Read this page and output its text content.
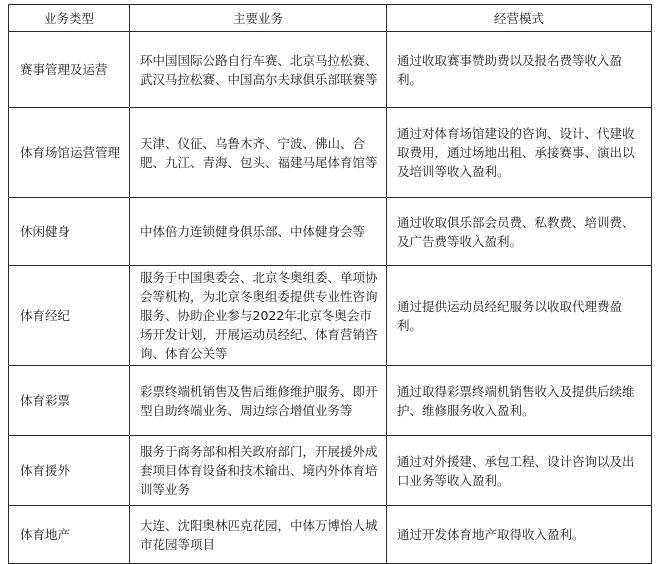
业务类型	主要业务	经营模式
赛事管理及运营	环中国国际公路自行车赛、北京马拉松赛、武汉马拉松赛、中国高尔夫球俱乐部联赛等	通过收取赛事赞助费以及报名费等收入盈利。
体育场馆运营管理	天津、仪征、乌鲁木齐、宁波、佛山、合肥、九江、青海、包头、福建马尾体育馆等	通过对体育场馆建设的咨询、设计、代建收取费用，通过场地出租、承接赛事、演出以及培训等收入盈利。
休闲健身	中体倍力连锁健身俱乐部、中体健身会等	通过收取俱乐部会员费、私教费、培训费、及广告费等收入盈利。
体育经纪	服务于中国奥委会、北京冬奥组委、单项协会等机构，为北京冬奥组委提供专业性咨询服务、协助企业参与2022年北京冬奥会市场开发计划，开展运动员经纪、体育营销咨询、体育公关等	通过提供运动员经纪服务以收取代理费盈利。
体育彩票	彩票终端机销售及售后维修维护服务、即开型自助终端业务、周边综合增值业务等	通过取得彩票终端机销售收入及提供后续维护、维修服务收入盈利。
体育援外	服务于商务部和相关政府部门，开展援外成套项目体育设备和技术输出、境内外体育培训等业务	通过对外援建、承包工程、设计咨询以及出口业务等收入盈利。
体育地产	大连、沈阳奥林匹克花园，中体万博怡人城市花园等项目	通过开发体育地产取得收入盈利。
